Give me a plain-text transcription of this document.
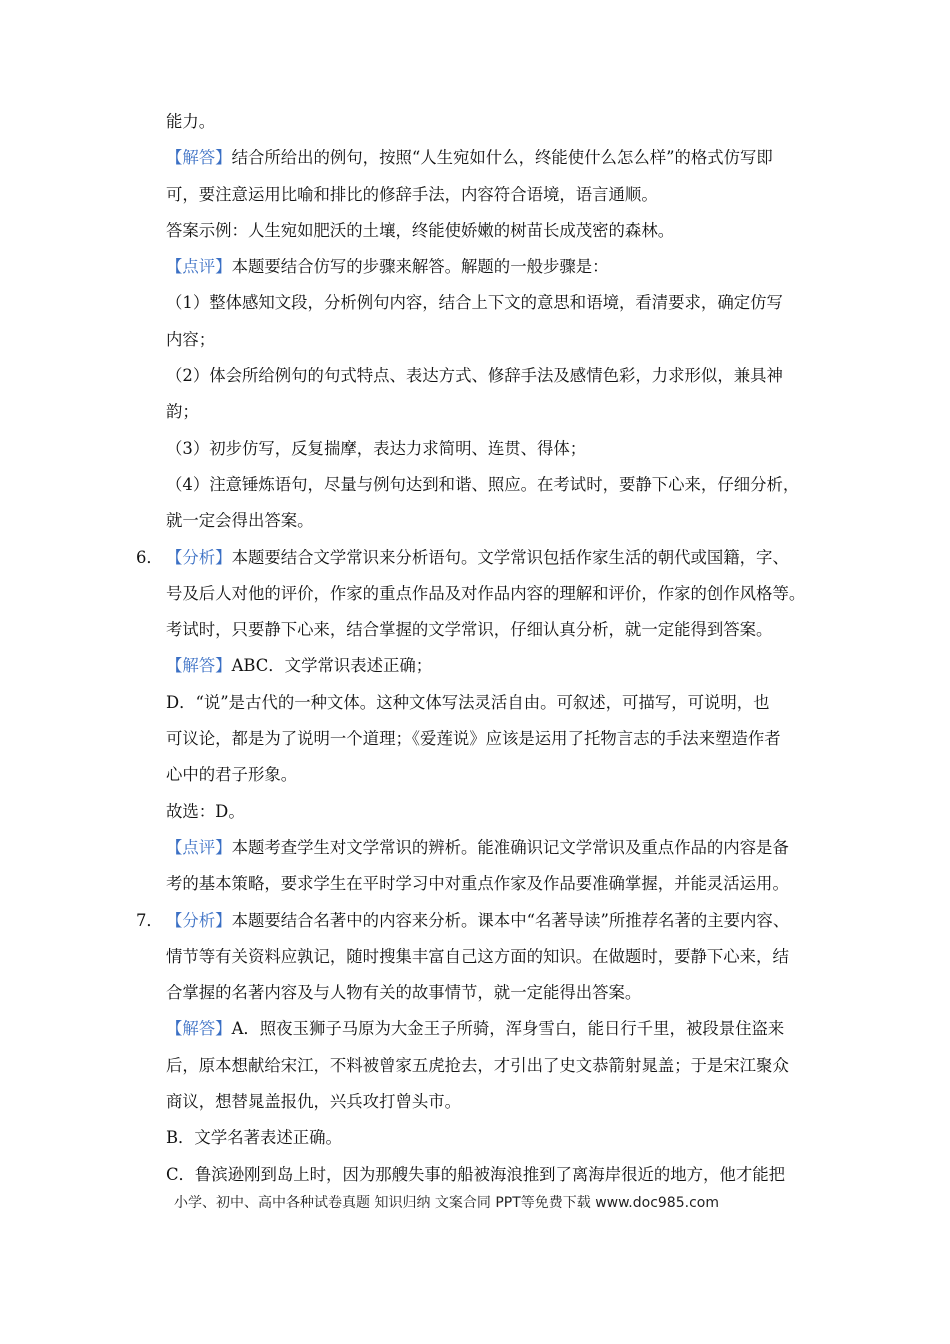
能力。
【解答】结合所给出的例句，按照“人生宛如什么，终能使什么怎么样”的格式仿写即
可，要注意运用比喻和排比的修辞手法，内容符合语境，语言通顺。
答案示例：人生宛如肥沃的土壤，终能使娇嫩的树苗长成茂密的森林。
【点评】本题要结合仿写的步骤来解答。解题的一般步骤是：
（1）整体感知文段，分析例句内容，结合上下文的意思和语境，看清要求，确定仿写
内容；
（2）体会所给例句的句式特点、表达方式、修辞手法及感情色彩，力求形似，兼具神
韵；
（3）初步仿写，反复揣摩，表达力求简明、连贯、得体；
（4）注意锤炼语句，尽量与例句达到和谐、照应。在考试时，要静下心来，仔细分析，
就一定会得出答案。
6． 【分析】本题要结合文学常识来分析语句。文学常识包括作家生活的朝代或国籍，字、
号及后人对他的评价，作家的重点作品及对作品内容的理解和评价，作家的创作风格等。
考试时，只要静下心来，结合掌握的文学常识，仔细认真分析，就一定能得到答案。
【解答】ABC．文学常识表述正确；
D．“说”是古代的一种文体。这种文体写法灵活自由。可叙述，可描写，可说明，也
可议论，都是为了说明一个道理；《爱莲说》应该是运用了托物言志的手法来塑造作者
心中的君子形象。
故选：D。
【点评】本题考查学生对文学常识的辨析。能准确识记文学常识及重点作品的内容是备
考的基本策略，要求学生在平时学习中对重点作家及作品要准确掌握，并能灵活运用。
7． 【分析】本题要结合名著中的内容来分析。课本中“名著导读”所推荐名著的主要内容、
情节等有关资料应孰记，随时搜集丰富自己这方面的知识。在做题时，要静下心来，结
合掌握的名著内容及与人物有关的故事情节，就一定能得出答案。
【解答】A．照夜玉狮子马原为大金王子所骑，浑身雪白，能日行千里，被段景住盗来
后，原本想献给宋江，不料被曾家五虎抢去，才引出了史文恭箭射晁盖；于是宋江聚众
商议，想替晁盖报仇，兴兵攻打曾头市。
B．文学名著表述正确。
C．鲁滨逊刚到岛上时，因为那艘失事的船被海浪推到了离海岸很近的地方，他才能把
小学、初中、高中各种试卷真题 知识归纳 文案合同 PPT等免费下载 www.doc985.com
